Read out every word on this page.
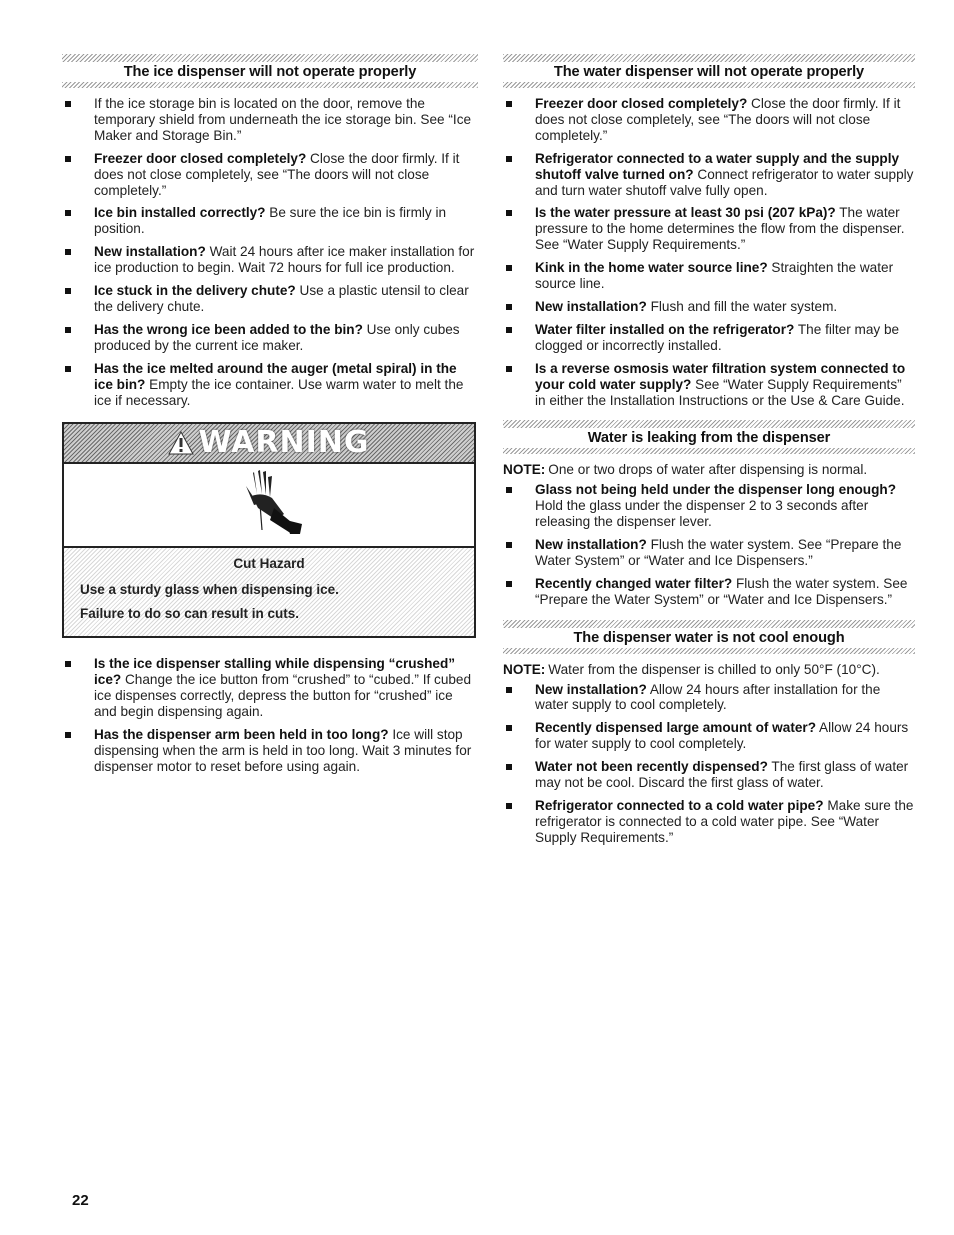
The ice dispenser will not operate properly
If the ice storage bin is located on the door, remove the temporary shield from underneath the ice storage bin. See “Ice Maker and Storage Bin.”
Freezer door closed completely? Close the door firmly. If it does not close completely, see “The doors will not close completely.”
Ice bin installed correctly? Be sure the ice bin is firmly in position.
New installation? Wait 24 hours after ice maker installation for ice production to begin. Wait 72 hours for full ice production.
Ice stuck in the delivery chute? Use a plastic utensil to clear the delivery chute.
Has the wrong ice been added to the bin? Use only cubes produced by the current ice maker.
Has the ice melted around the auger (metal spiral) in the ice bin? Empty the ice container. Use warm water to melt the ice if necessary.
WARNING
Cut Hazard
Use a sturdy glass when dispensing ice.
Failure to do so can result in cuts.
Is the ice dispenser stalling while dispensing “crushed” ice? Change the ice button from “crushed” to “cubed.” If cubed ice dispenses correctly, depress the button for “crushed” ice and begin dispensing again.
Has the dispenser arm been held in too long? Ice will stop dispensing when the arm is held in too long. Wait 3 minutes for dispenser motor to reset before using again.
The water dispenser will not operate properly
Freezer door closed completely? Close the door firmly. If it does not close completely, see “The doors will not close completely.”
Refrigerator connected to a water supply and the supply shutoff valve turned on? Connect refrigerator to water supply and turn water shutoff valve fully open.
Is the water pressure at least 30 psi (207 kPa)? The water pressure to the home determines the flow from the dispenser. See “Water Supply Requirements.”
Kink in the home water source line? Straighten the water source line.
New installation? Flush and fill the water system.
Water filter installed on the refrigerator? The filter may be clogged or incorrectly installed.
Is a reverse osmosis water filtration system connected to your cold water supply? See “Water Supply Requirements” in either the Installation Instructions or the Use & Care Guide.
Water is leaking from the dispenser
NOTE: One or two drops of water after dispensing is normal.
Glass not being held under the dispenser long enough? Hold the glass under the dispenser 2 to 3 seconds after releasing the dispenser lever.
New installation? Flush the water system. See “Prepare the Water System” or “Water and Ice Dispensers.”
Recently changed water filter? Flush the water system. See “Prepare the Water System” or “Water and Ice Dispensers.”
The dispenser water is not cool enough
NOTE: Water from the dispenser is chilled to only 50°F (10°C).
New installation? Allow 24 hours after installation for the water supply to cool completely.
Recently dispensed large amount of water? Allow 24 hours for water supply to cool completely.
Water not been recently dispensed? The first glass of water may not be cool. Discard the first glass of water.
Refrigerator connected to a cold water pipe? Make sure the refrigerator is connected to a cold water pipe. See “Water Supply Requirements.”
22
